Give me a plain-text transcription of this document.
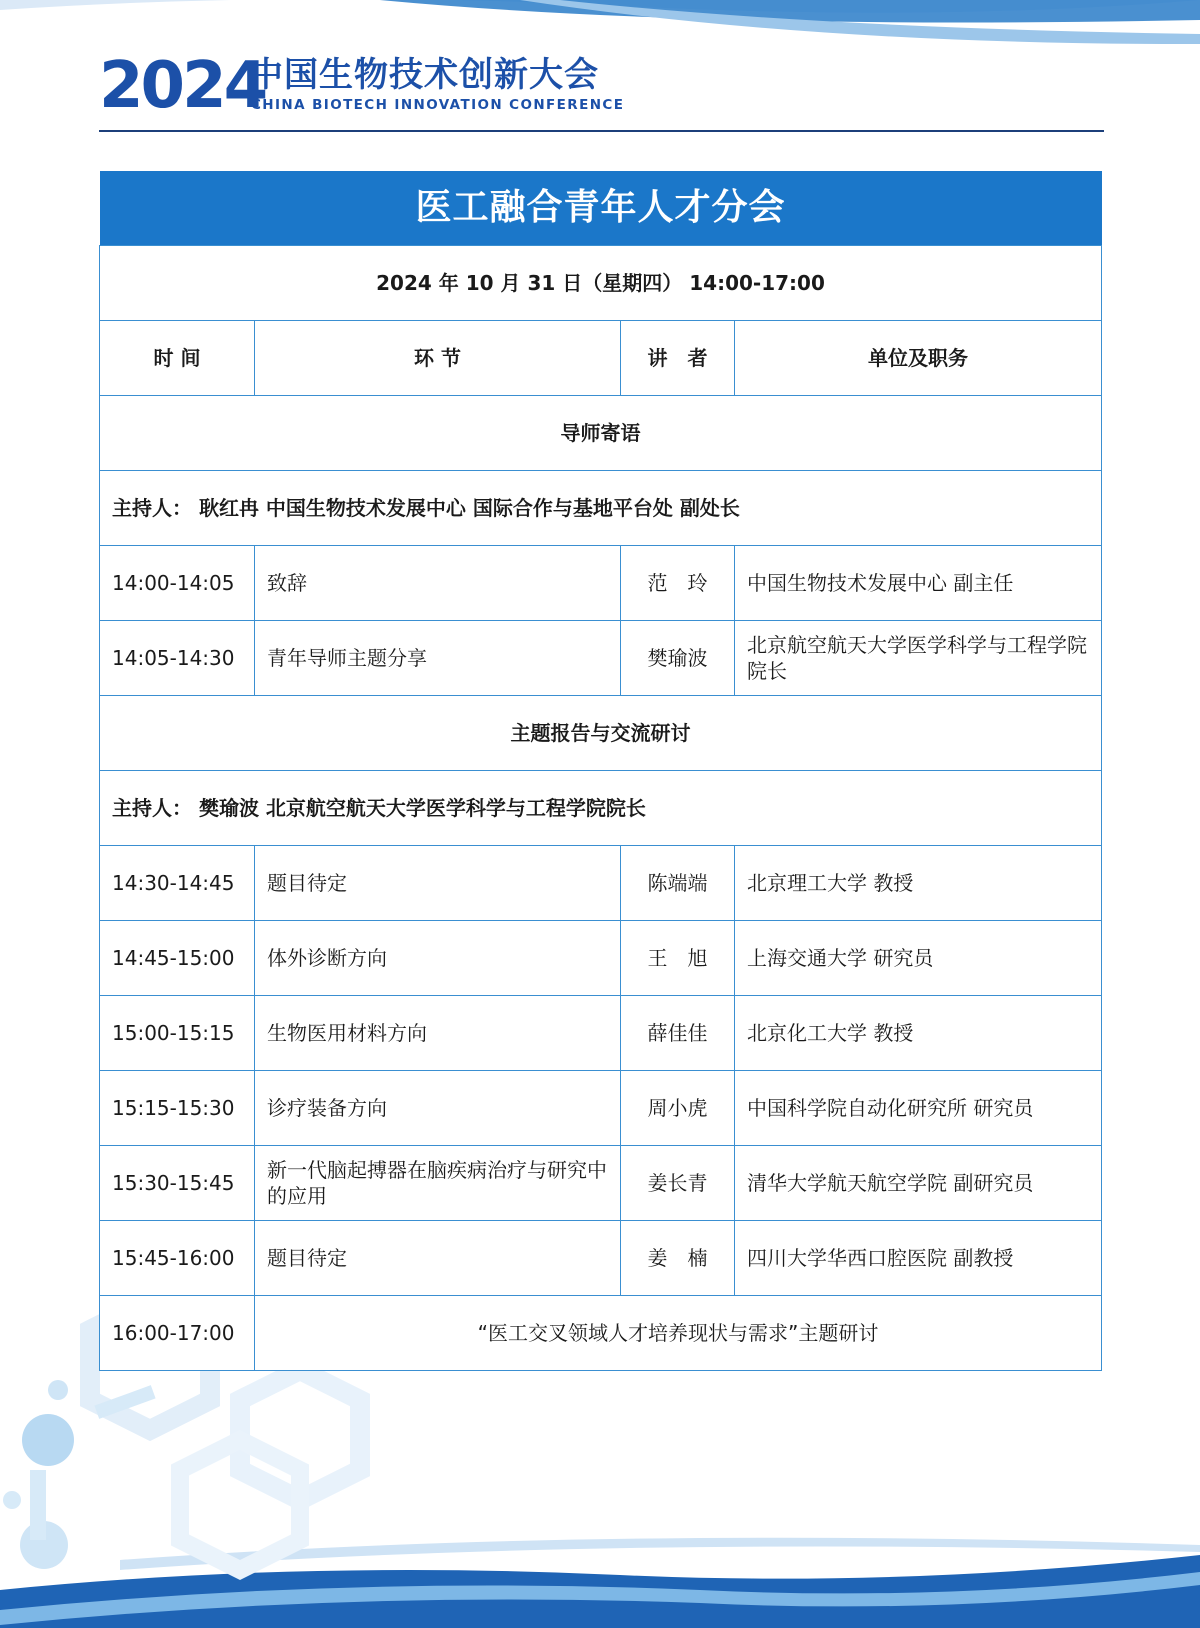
2024
中国生物技术创新大会
CHINA BIOTECH INNOVATION CONFERENCE
医工融合青年人才分会			
2024 年 10 月 31 日（星期四） 14:00-17:00			
时 间	环 节	讲　者	单位及职务
导师寄语			
主持人： 耿红冉 中国生物技术发展中心 国际合作与基地平台处 副处长			
14:00-14:05	致辞	范　玲	中国生物技术发展中心 副主任
14:05-14:30	青年导师主题分享	樊瑜波	北京航空航天大学医学科学与工程学院 院长
主题报告与交流研讨			
主持人： 樊瑜波 北京航空航天大学医学科学与工程学院院长			
14:30-14:45	题目待定	陈端端	北京理工大学 教授
14:45-15:00	体外诊断方向	王　旭	上海交通大学 研究员
15:00-15:15	生物医用材料方向	薛佳佳	北京化工大学 教授
15:15-15:30	诊疗装备方向	周小虎	中国科学院自动化研究所 研究员
15:30-15:45	新一代脑起搏器在脑疾病治疗与研究中的应用	姜长青	清华大学航天航空学院 副研究员
15:45-16:00	题目待定	姜　楠	四川大学华西口腔医院 副教授
16:00-17:00	“医工交叉领域人才培养现状与需求”主题研讨		
